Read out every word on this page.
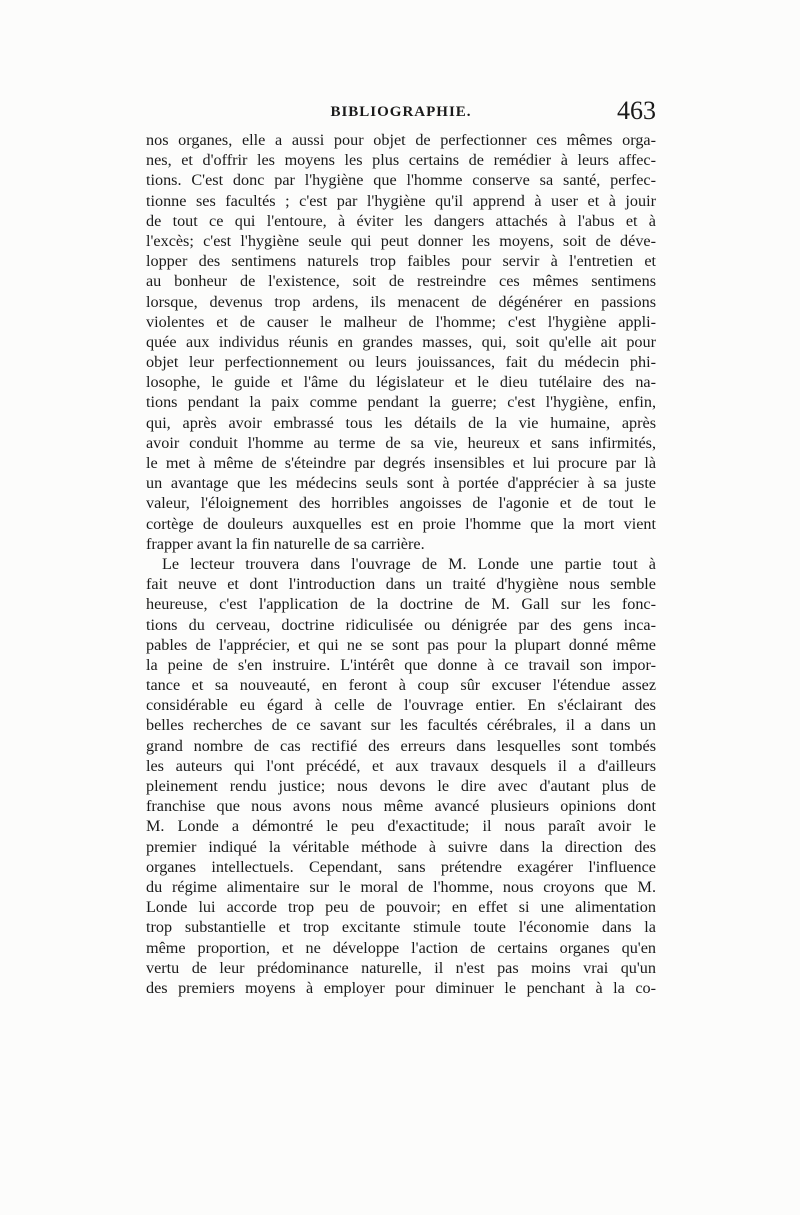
BIBLIOGRAPHIE.	463
nos organes, elle a aussi pour objet de perfectionner ces mêmes orga-
nes, et d'offrir les moyens les plus certains de remédier à leurs affec-
tions. C'est donc par l'hygiène que l'homme conserve sa santé, perfec-
tionne ses facultés ; c'est par l'hygiène qu'il apprend à user et à jouir
de tout ce qui l'entoure, à éviter les dangers attachés à l'abus et à
l'excès; c'est l'hygiène seule qui peut donner les moyens, soit de déve-
lopper des sentimens naturels trop faibles pour servir à l'entretien et
au bonheur de l'existence, soit de restreindre ces mêmes sentimens
lorsque, devenus trop ardens, ils menacent de dégénérer en passions
violentes et de causer le malheur de l'homme; c'est l'hygiène appli-
quée aux individus réunis en grandes masses, qui, soit qu'elle ait pour
objet leur perfectionnement ou leurs jouissances, fait du médecin phi-
losophe, le guide et l'âme du législateur et le dieu tutélaire des na-
tions pendant la paix comme pendant la guerre; c'est l'hygiène, enfin,
qui, après avoir embrassé tous les détails de la vie humaine, après
avoir conduit l'homme au terme de sa vie, heureux et sans infirmités,
le met à même de s'éteindre par degrés insensibles et lui procure par là
un avantage que les médecins seuls sont à portée d'apprécier à sa juste
valeur, l'éloignement des horribles angoisses de l'agonie et de tout le
cortège de douleurs auxquelles est en proie l'homme que la mort vient
frapper avant la fin naturelle de sa carrière.
Le lecteur trouvera dans l'ouvrage de M. Londe une partie tout à
fait neuve et dont l'introduction dans un traité d'hygiène nous semble
heureuse, c'est l'application de la doctrine de M. Gall sur les fonc-
tions du cerveau, doctrine ridiculisée ou dénigrée par des gens inca-
pables de l'apprécier, et qui ne se sont pas pour la plupart donné même
la peine de s'en instruire. L'intérêt que donne à ce travail son impor-
tance et sa nouveauté, en feront à coup sûr excuser l'étendue assez
considérable eu égard à celle de l'ouvrage entier. En s'éclairant des
belles recherches de ce savant sur les facultés cérébrales, il a dans un
grand nombre de cas rectifié des erreurs dans lesquelles sont tombés
les auteurs qui l'ont précédé, et aux travaux desquels il a d'ailleurs
pleinement rendu justice; nous devons le dire avec d'autant plus de
franchise que nous avons nous même avancé plusieurs opinions dont
M. Londe a démontré le peu d'exactitude; il nous paraît avoir le
premier indiqué la véritable méthode à suivre dans la direction des
organes intellectuels. Cependant, sans prétendre exagérer l'influence
du régime alimentaire sur le moral de l'homme, nous croyons que M.
Londe lui accorde trop peu de pouvoir; en effet si une alimentation
trop substantielle et trop excitante stimule toute l'économie dans la
même proportion, et ne développe l'action de certains organes qu'en
vertu de leur prédominance naturelle, il n'est pas moins vrai qu'un
des premiers moyens à employer pour diminuer le penchant à la co-
